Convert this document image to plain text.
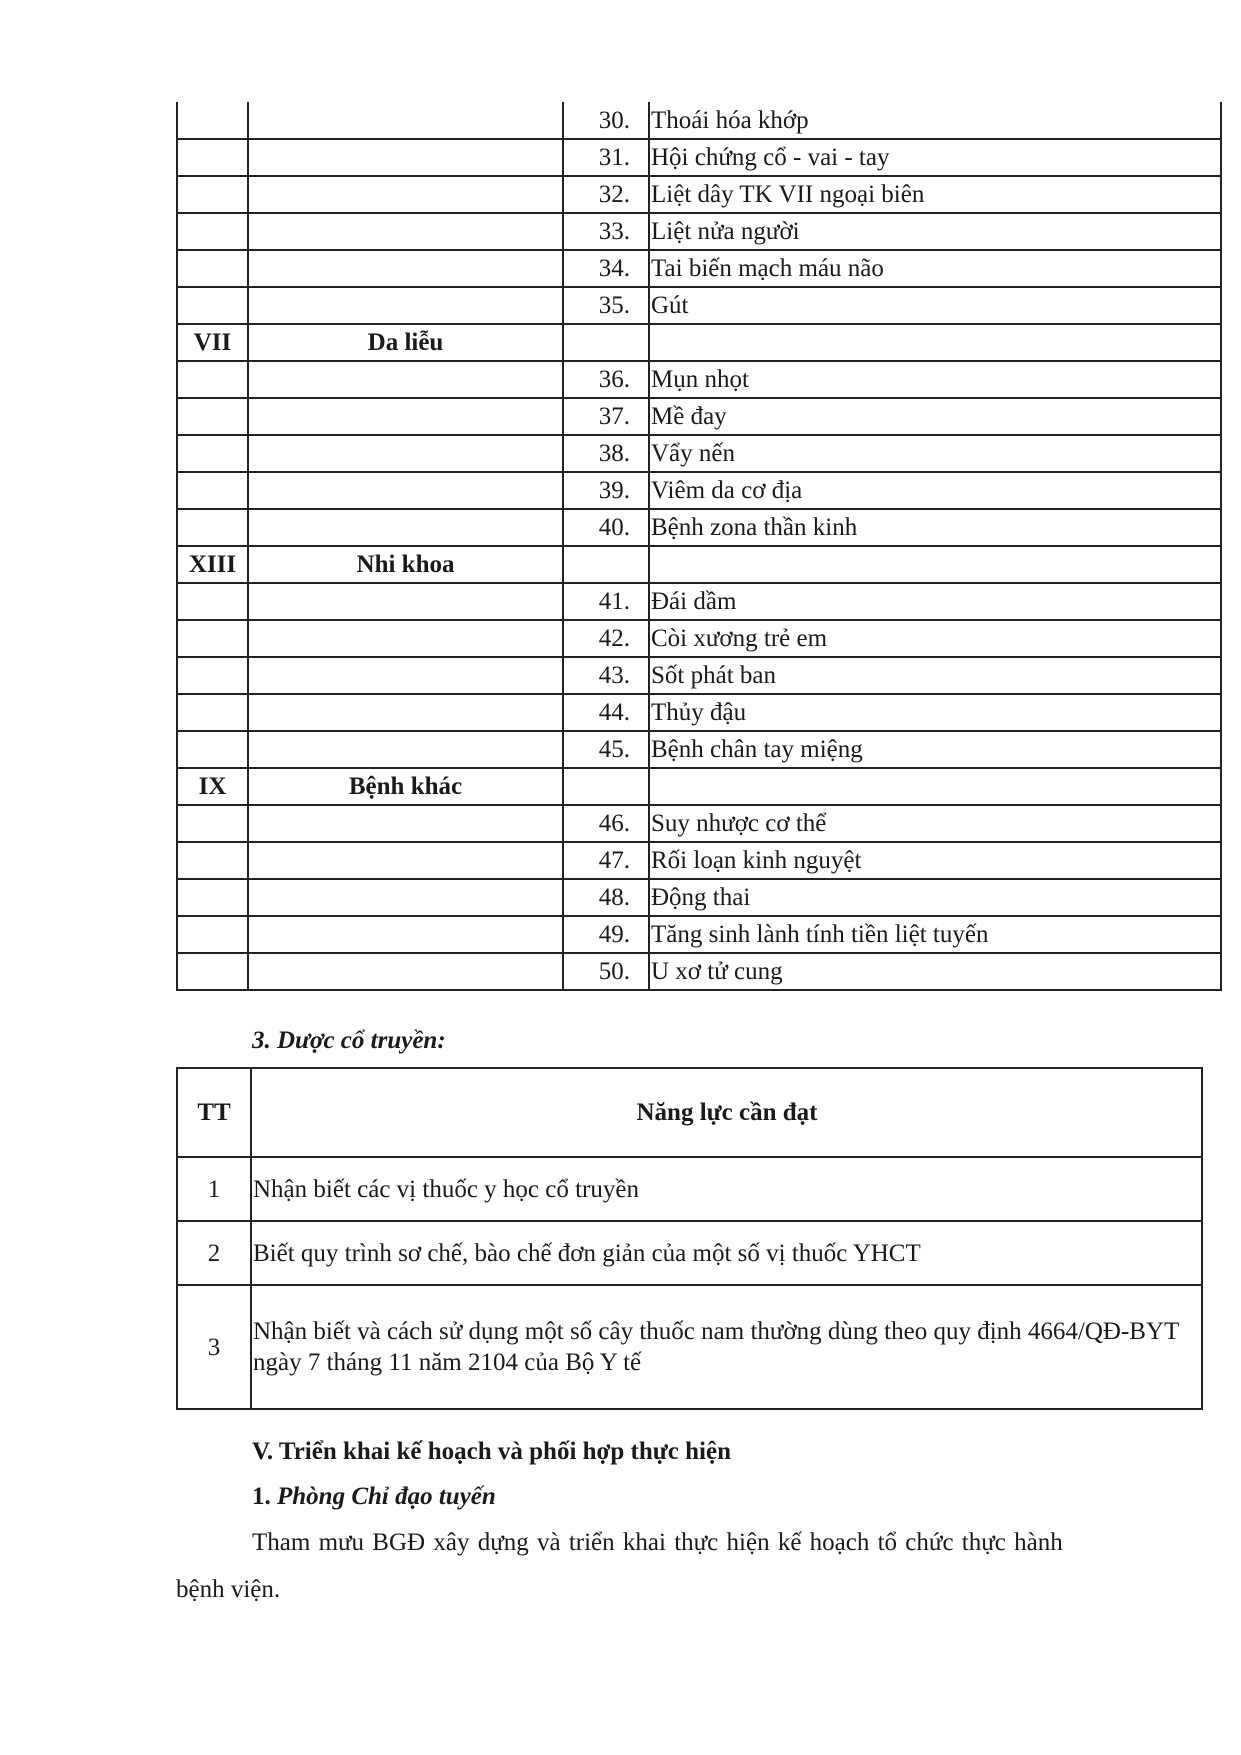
		30.	Thoái hóa khớp
		31.	Hội chứng cổ - vai - tay
		32.	Liệt dây TK VII ngoại biên
		33.	Liệt nửa người
		34.	Tai biến mạch máu não
		35.	Gút
VII	Da liễu		
		36.	Mụn nhọt
		37.	Mề đay
		38.	Vẩy nến
		39.	Viêm da cơ địa
		40.	Bệnh zona thần kinh
XIII	Nhi khoa		
		41.	Đái dầm
		42.	Còi xương trẻ em
		43.	Sốt phát ban
		44.	Thủy đậu
		45.	Bệnh chân tay miệng
IX	Bệnh khác		
		46.	Suy nhược cơ thể
		47.	Rối loạn kinh nguyệt
		48.	Động thai
		49.	Tăng sinh lành tính tiền liệt tuyến
		50.	U xơ tử cung
3. Dược cổ truyền:
TT	Năng lực cần đạt
1	Nhận biết các vị thuốc y học cổ truyền
2	Biết quy trình sơ chế, bào chế đơn giản của một số vị thuốc YHCT
3	Nhận biết và cách sử dụng một số cây thuốc nam thường dùng theo quy định 4664/QĐ-BYT ngày 7 tháng 11 năm 2104 của Bộ Y tế
V. Triển khai kế hoạch và phối hợp thực hiện
1. Phòng Chỉ đạo tuyến
Tham mưu BGĐ xây dựng và triển khai thực hiện kế hoạch tổ chức thực hành
bệnh viện.
